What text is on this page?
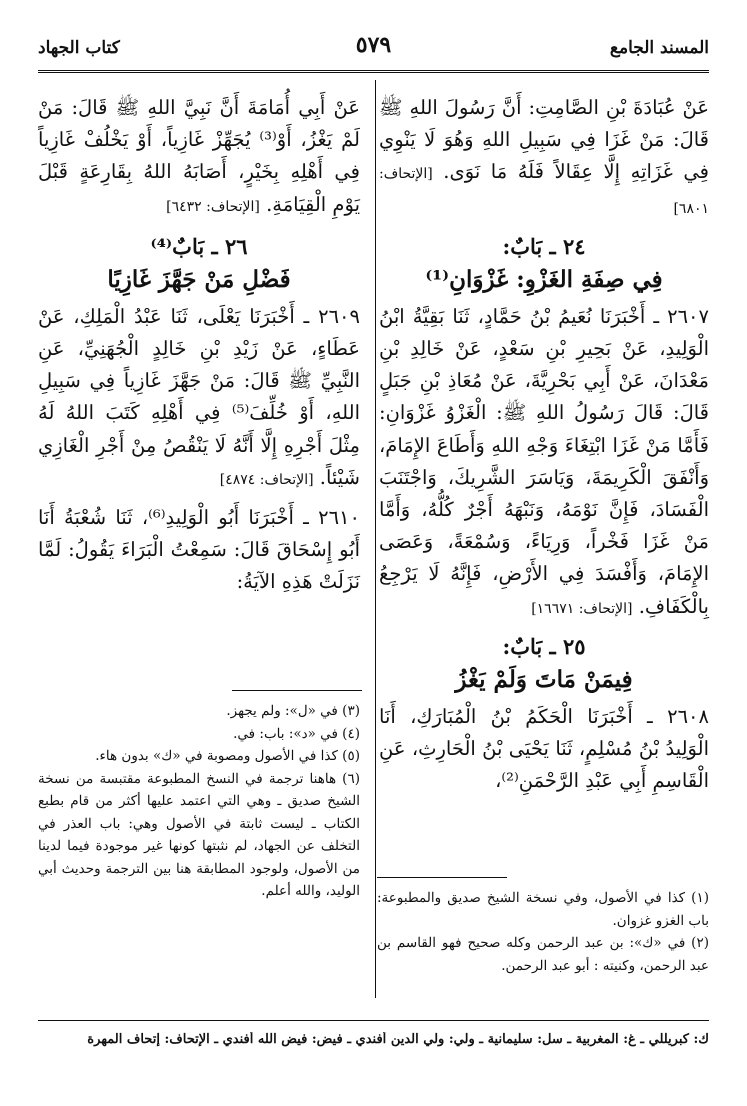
المسند الجامع
٥٧٩
كتاب الجهاد

عَنْ عُبَادَةَ بْنِ الصَّامِتِ: أَنَّ رَسُولَ اللهِ ﷺ قَالَ: مَنْ غَزَا فِي سَبِيلِ اللهِ وَهُوَ لَا يَنْوِي فِي غَزَاتِهِ إِلَّا عِقَالاً فَلَهُ مَا نَوَى. [الإتحاف: ٦٨٠١]

٢٤ ـ بَابٌ:
فِي صِفَةِ الغَزْوِ: غَزْوَانِ⁽¹⁾

٢٦٠٧ ـ أَخْبَرَنَا نُعَيمُ بْنُ حَمَّادٍ، ثَنَا بَقِيَّةُ ابْنُ الْوَلِيدِ، عَنْ بَحِيرِ بْنِ سَعْدٍ، عَنْ خَالِدِ بْنِ مَعْدَانَ، عَنْ أَبِي بَحْرِيَّةَ، عَنْ مُعَاذِ بْنِ جَبَلٍ قَالَ: قَالَ رَسُولُ اللهِ ﷺ: الْغَزْوُ غَزْوَانِ: فَأَمَّا مَنْ غَزَا ابْتِغَاءَ وَجْهِ اللهِ وَأَطَاعَ الإِمَامَ، وَأَنْفَقَ الْكَرِيمَةَ، وَيَاسَرَ الشَّرِيكَ، وَاجْتَنَبَ الْفَسَادَ، فَإِنَّ نَوْمَهُ، وَنَبْهَهُ أَجْرٌ كُلُّهُ، وَأَمَّا مَنْ غَزَا فَخْراً، وَرِيَاءً، وَسُمْعَةً، وَعَصَى الإِمَامَ، وَأَفْسَدَ فِي الأَرْضِ، فَإِنَّهُ لَا يَرْجِعُ بِالْكَفَافِ. [الإتحاف: ١٦٦٧١]

٢٥ ـ بَابٌ:
فِيمَنْ مَاتَ وَلَمْ يَغْزُ

٢٦٠٨ ـ أَخْبَرَنَا الْحَكَمُ بْنُ الْمُبَارَكِ، أَنَا الْوَلِيدُ بْنُ مُسْلِمٍ، ثَنَا يَحْيَى بْنُ الْحَارِثِ، عَنِ الْقَاسِمِ أَبِي عَبْدِ الرَّحْمَنِ⁽²⁾،

(١) كذا في الأصول، وفي نسخة الشيخ صديق والمطبوعة: باب الغزو غزوان.
(٢) في «ك»: بن عبد الرحمن وكله صحيح فهو القاسم بن عبد الرحمن، وكنيته : أبو عبد الرحمن.

عَنْ أَبِي أُمَامَةَ أَنَّ نَبِيَّ اللهِ ﷺ قَالَ: مَنْ لَمْ يَغْزُ، أَوْ⁽³⁾ يُجَهِّزْ غَازِياً، أَوْ يَخْلُفْ غَازِياً فِي أَهْلِهِ بِخَيْرٍ، أَصَابَهُ اللهُ بِقَارِعَةٍ قَبْلَ يَوْمِ الْقِيَامَةِ. [الإتحاف: ٦٤٣٢]

٢٦ ـ بَابٌ⁽⁴⁾
فَضْلِ مَنْ جَهَّزَ غَازِيًا

٢٦٠٩ ـ أَخْبَرَنَا يَعْلَى، ثَنَا عَبْدُ الْمَلِكِ، عَنْ عَطَاءٍ، عَنْ زَيْدِ بْنِ خَالِدٍ الْجُهَنِيِّ، عَنِ النَّبِيِّ ﷺ قَالَ: مَنْ جَهَّزَ غَازِياً فِي سَبِيلِ اللهِ، أَوْ خُلِّفَ⁽⁵⁾ فِي أَهْلِهِ كَتَبَ اللهُ لَهُ مِثْلَ أَجْرِهِ إِلَّا أَنَّهُ لَا يَنْقُصُ مِنْ أَجْرِ الْغَازِي شَيْئاً. [الإتحاف: ٤٨٧٤]

٢٦١٠ ـ أَخْبَرَنَا أَبُو الْوَلِيدِ⁽⁶⁾، ثَنَا شُعْبَةُ أَنَا أَبُو إِسْحَاقَ قَالَ: سَمِعْتُ الْبَرَاءَ يَقُولُ: لَمَّا نَزَلَتْ هَذِهِ الآيَةُ:

(٣) في «ل»: ولم يجهز.
(٤) في «د»: باب: في.
(٥) كذا في الأصول ومصوبة في «ك» بدون هاء.
(٦) هاهنا ترجمة في النسخ المطبوعة مقتبسة من نسخة الشيخ صديق ـ وهي التي اعتمد عليها أكثر من قام بطبع الكتاب ـ ليست ثابتة في الأصول وهي: باب العذر في التخلف عن الجهاد، لم نثبتها كونها غير موجودة فيما لدينا من الأصول، ولوجود المطابقة هنا بين الترجمة وحديث أبي الوليد، والله أعلم.
ك: كبريللي ـ غ: المغربية ـ سل: سليمانية ـ ولي: ولي الدين أفندي ـ فيض: فيض الله أفندي ـ الإتحاف: إتحاف المهرة
